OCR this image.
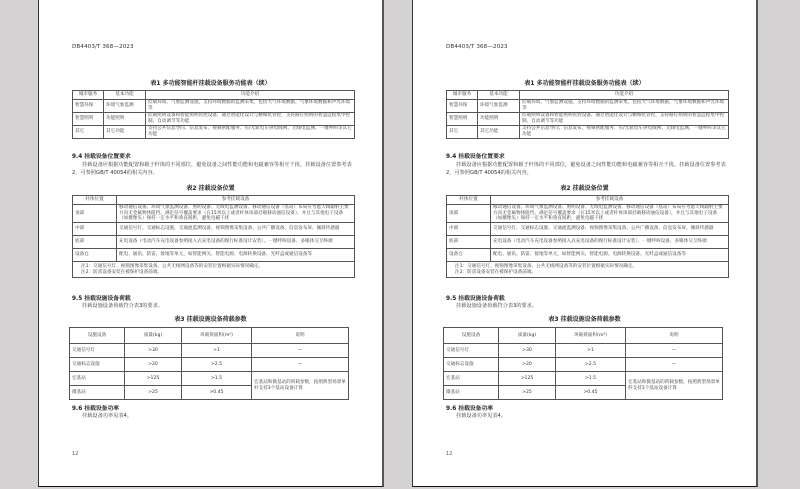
DB4403/T 368—2023
表1 多功能智能杆挂载设备服务功能表（续）
城市服务	基本功能	功能介绍
智慧环保	环境气象监测	挂载环境、气象监测设施，支持环境数据的监测采集，包括大气环境数据、气象环境数据和声光环境等
智慧照明	功能照明	挂载照明设备和智能照明管控设备，通过智能化设计与精细化管控，支持路灯照明的智慧远程集中控制、自动调节等功能
其它	其它功能	支持公共信息导向、信息发布、视频供配服务、有/无轨电车供电线网、无线电监测、一键呼叫等其它功能
9.4 挂载设备位置要求
挂载设备应根据功能配置和载于杆体的不同部位，避免设备之间性能功能和电磁兼容等相互干扰。挂载设备位置参考表2，可参照GB/T 40054的相关内容。
表2 挂载设备位置
杆体位置	参考挂载设备
顶部	移动通信设备、环境气象监测设备、照明设备、无线电监测设备、移动通信设备（基站）布局应考虑天线辐射主要方向无金属物体阻挡。满足信号覆盖要求（在15米以上或者杆体顶部挂载移动通信设备），并且与其他电子设备（如摄像头）保持一定水平和垂直间距，避免电磁干扰
中部	交通信号灯、交通标志设施、交通流监测设备、视频图像采集设备、公共广播设备、信息发布屏、倾斜传感器
底部	充电设备（电动汽车充电设备参照接入式充电设备的现行标准设计安装）、一键呼叫设备、多媒体交互终端
设备仓	配电、通讯、防雷、接地等单元，如智能网关、智能电源、电源转换设备、光纤盒或通信设备等

注1：交通信号灯、视频图像采集设备、公共无线网设备等的安装位置根据实际情况确定。
注2：防雷设备安装在被保护设备前端。	
9.5 挂载设施设备荷载
挂载设施设备荷载符合表3的要求。
表3 挂载设施设备荷载参数
设施设备	质量(kg)	风载荷面积(m²)	说明
交通信号灯	>30	>1	—
交通标志设施	>20	>2.5	—
宏基站	>125	>1.5	宏基站和微基站的荷载参数，按照典型场景单杆支持3个基站设备计算
微基站	>25	>0.45	
9.6 挂载设备功率
挂载设备功率见表4。
12
DB4403/T 368—2023
表1 多功能智能杆挂载设备服务功能表（续）
城市服务	基本功能	功能介绍
智慧环保	环境气象监测	挂载环境、气象监测设施，支持环境数据的监测采集，包括大气环境数据、气象环境数据和声光环境等
智慧照明	功能照明	挂载照明设备和智能照明管控设备，通过智能化设计与精细化管控，支持路灯照明的智慧远程集中控制、自动调节等功能
其它	其它功能	支持公共信息导向、信息发布、视频供配服务、有/无轨电车供电线网、无线电监测、一键呼叫等其它功能
9.4 挂载设备位置要求
挂载设备应根据功能配置和载于杆体的不同部位，避免设备之间性能功能和电磁兼容等相互干扰。挂载设备位置参考表2，可参照GB/T 40054的相关内容。
表2 挂载设备位置
杆体位置	参考挂载设备
顶部	移动通信设备、环境气象监测设备、照明设备、无线电监测设备、移动通信设备（基站）布局应考虑天线辐射主要方向无金属物体阻挡。满足信号覆盖要求（在15米以上或者杆体顶部挂载移动通信设备），并且与其他电子设备（如摄像头）保持一定水平和垂直间距，避免电磁干扰
中部	交通信号灯、交通标志设施、交通流监测设备、视频图像采集设备、公共广播设备、信息发布屏、倾斜传感器
底部	充电设备（电动汽车充电设备参照接入式充电设备的现行标准设计安装）、一键呼叫设备、多媒体交互终端
设备仓	配电、通讯、防雷、接地等单元，如智能网关、智能电源、电源转换设备、光纤盒或通信设备等

注1：交通信号灯、视频图像采集设备、公共无线网设备等的安装位置根据实际情况确定。
注2：防雷设备安装在被保护设备前端。	
9.5 挂载设施设备荷载
挂载设施设备荷载符合表3的要求。
表3 挂载设施设备荷载参数
设施设备	质量(kg)	风载荷面积(m²)	说明
交通信号灯	>30	>1	—
交通标志设施	>20	>2.5	—
宏基站	>125	>1.5	宏基站和微基站的荷载参数，按照典型场景单杆支持3个基站设备计算
微基站	>25	>0.45	
9.6 挂载设备功率
挂载设备功率见表4。
12
